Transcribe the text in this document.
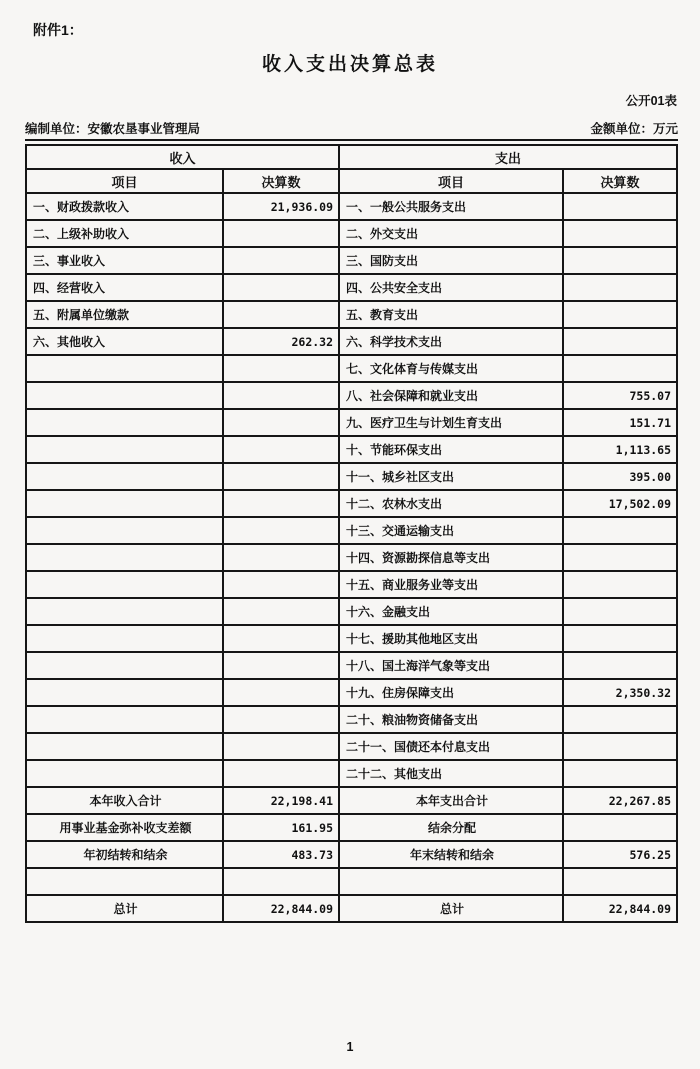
附件1：
收入支出决算总表
公开01表
编制单位：安徽农垦事业管理局	金额单位：万元
收入		支出	
项目	决算数	项目	决算数
一、财政拨款收入	21,936.09	一、一般公共服务支出	
二、上级补助收入		二、外交支出	
三、事业收入		三、国防支出	
四、经营收入		四、公共安全支出	
五、附属单位缴款		五、教育支出	
六、其他收入	262.32	六、科学技术支出	
		七、文化体育与传媒支出	
		八、社会保障和就业支出	755.07
		九、医疗卫生与计划生育支出	151.71
		十、节能环保支出	1,113.65
		十一、城乡社区支出	395.00
		十二、农林水支出	17,502.09
		十三、交通运输支出	
		十四、资源勘探信息等支出	
		十五、商业服务业等支出	
		十六、金融支出	
		十七、援助其他地区支出	
		十八、国土海洋气象等支出	
		十九、住房保障支出	2,350.32
		二十、粮油物资储备支出	
		二十一、国债还本付息支出	
		二十二、其他支出	
本年收入合计	22,198.41	本年支出合计	22,267.85
用事业基金弥补收支差额	161.95	结余分配	
年初结转和结余	483.73	年末结转和结余	576.25

总计	22,844.09	总计	22,844.09
1
